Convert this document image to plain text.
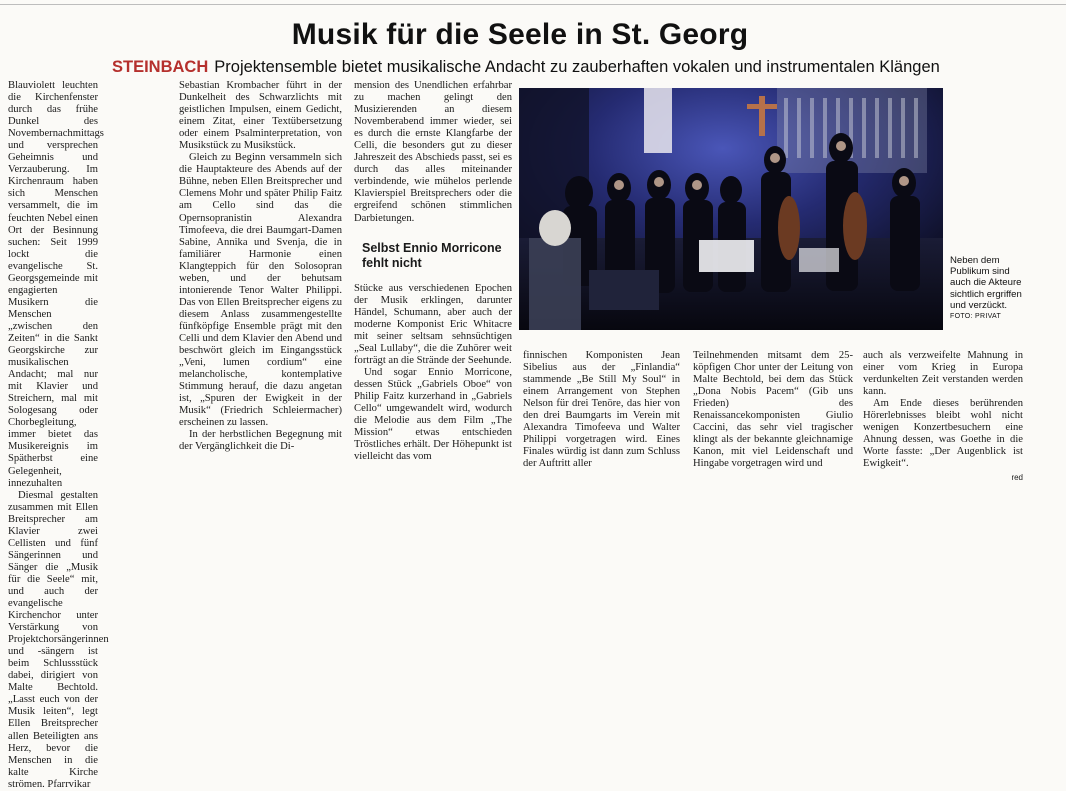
Musik für die Seele in St. Georg
STEINBACH Projektensemble bietet musikalische Andacht zu zauberhaften vokalen und instrumentalen Klängen

Blauviolett leuchten die Kirchenfenster durch das frühe Dunkel des Novembernachmittags und versprechen Geheimnis und Verzauberung. Im Kirchenraum haben sich Menschen versammelt, die im feuchten Nebel einen Ort der Besinnung suchen: Seit 1999 lockt die evangelische St. Georgsgemeinde mit engagierten Musikern die Menschen „zwischen den Zeiten“ in die Sankt Georgskirche zur musikalischen Andacht; mal nur mit Klavier und Streichern, mal mit Sologesang oder Chorbegleitung, immer bietet das Musikereignis im Spätherbst eine Gelegenheit, innezuhalten

Diesmal gestalten zusammen mit Ellen Breitsprecher am Klavier zwei Cellisten und fünf Sängerinnen und Sänger die „Musik für die Seele“ mit, und auch der evangelische Kirchenchor unter Verstärkung von Projektchorsängerinnen und -sängern ist beim Schlussstück dabei, dirigiert von Malte Bechtold. „Lasst euch von der Musik leiten“, legt Ellen Breitsprecher allen Beteiligten ans Herz, bevor die Menschen in die kalte Kirche strömen. Pfarrvikar

Sebastian Krombacher führt in der Dunkelheit des Schwarzlichts mit geistlichen Impulsen, einem Gedicht, einem Zitat, einer Textübersetzung oder einem Psalminterpretation, von Musikstück zu Musikstück.

Gleich zu Beginn versammeln sich die Hauptakteure des Abends auf der Bühne, neben Ellen Breitsprecher und Clemens Mohr und später Philip Faitz am Cello sind das die Opernsopranistin Alexandra Timofeeva, die drei Baumgart-Damen Sabine, Annika und Svenja, die in familiärer Harmonie einen Klangteppich für den Solosopran weben, und der behutsam intonierende Tenor Walter Philippi. Das von Ellen Breitsprecher eigens zu diesem Anlass zusammengestellte fünfköpfige Ensemble prägt mit den Celli und dem Klavier den Abend und beschwört gleich im Eingangsstück „Veni, lumen cordium“ eine melancholische, kontemplative Stimmung herauf, die dazu angetan ist, „Spuren der Ewigkeit in der Musik“ (Friedrich Schleiermacher) erscheinen zu lassen.

In der herbstlichen Begegnung mit der Vergänglichkeit die Di-

mension des Unendlichen erfahrbar zu machen gelingt den Musizierenden an diesem Novemberabend immer wieder, sei es durch die ernste Klangfarbe der Celli, die besonders gut zu dieser Jahreszeit des Abschieds passt, sei es durch das alles miteinander verbindende, wie mühelos perlende Klavierspiel Breitsprechers oder die ergreifend schönen stimmlichen Darbietungen.

Selbst Ennio Morricone fehlt nicht

Stücke aus verschiedenen Epochen der Musik erklingen, darunter Händel, Schumann, aber auch der moderne Komponist Eric Whitacre mit seiner seltsam sehnsüchtigen „Seal Lullaby“, die die Zuhörer weit forträgt an die Strände der Seehunde.

Und sogar Ennio Morricone, dessen Stück „Gabriels Oboe“ von Philip Faitz kurzerhand in „Gabriels Cello“ umgewandelt wird, wodurch die Melodie aus dem Film „The Mission“ etwas entschieden Tröstliches erhält. Der Höhepunkt ist vielleicht das vom

Neben dem Publikum sind auch die Akteure sichtlich ergriffen und verzückt.
FOTO: PRIVAT

finnischen Komponisten Jean Sibelius aus der „Finlandia“ stammende „Be Still My Soul“ in einem Arrangement von Stephen Nelson für drei Tenöre, das hier von den drei Baumgarts im Verein mit Alexandra Timofeeva und Walter Philippi vorgetragen wird. Eines Finales würdig ist dann zum Schluss der Auftritt aller

Teilnehmenden mitsamt dem 25-köpfigen Chor unter der Leitung von Malte Bechtold, bei dem das Stück „Dona Nobis Pacem“ (Gib uns Frieden) des Renaissancekomponisten Giulio Caccini, das sehr viel tragischer klingt als der bekannte gleichnamige Kanon, mit viel Leidenschaft und Hingabe vorgetragen wird und

auch als verzweifelte Mahnung in einer vom Krieg in Europa verdunkelten Zeit verstanden werden kann.

Am Ende dieses berührenden Hörerlebnisses bleibt wohl nicht wenigen Konzertbesuchern eine Ahnung dessen, was Goethe in die Worte fasste: „Der Augenblick ist Ewigkeit“.

red
